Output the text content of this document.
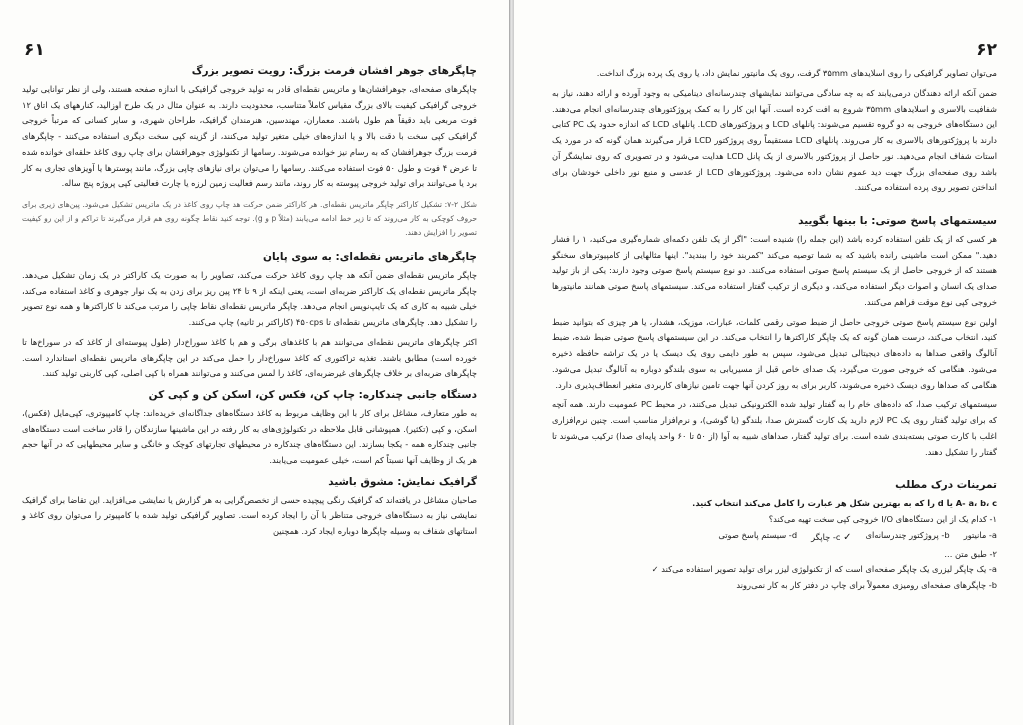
۶۱
چاپگرهای جوهر افشان فرمت بزرگ: رویت تصویر بزرگ

چاپگرهای صفحه‌ای، جوهرافشان‌ها و ماتریس نقطه‌ای قادر به تولید خروجی گرافیکی با اندازه صفحه هستند، ولی از نظر توانایی تولید خروجی گرافیکی کیفیت بالای بزرگ مقیاس کاملاً متناسب، محدودیت دارند. به عنوان مثال در یک طرح اوزالید، کنارههای یک اتاق ۱۲ فوت مربعی باید دقیقاً هم طول باشند. معماران، مهندسین، هنرمندان گرافیک، طراحان شهری، و سایر کسانی که مرتباً خروجی گرافیکی کپی سخت با دقت بالا و یا اندازه‌های خیلی متغیر تولید می‌کنند، از گزینه کپی سخت دیگری استفاده می‌کنند - چاپگرهای فرمت بزرگ جوهرافشان که به رسام نیز خوانده می‌شوند. رسامها از تکنولوژی جوهرافشان برای چاپ روی کاغذ حلقه‌ای خوانده شده تا عرض ۴ فوت و طول ۵۰ فوت استفاده می‌کنند. رسامها را می‌توان برای نیازهای چاپی بزرگ، مانند پوسترها یا آویزهای تجاری به کار برد یا می‌توانند برای تولید خروجی پیوسته به کار روند، مانند رسم فعالیت زمین لرزه یا چارت فعالیتی کپی پروژه پنج ساله.

شکل ۲-۷: تشکیل کاراکتر چاپگر ماتریس نقطه‌ای. هر کاراکتر ضمن حرکت هد چاپ روی کاغذ در یک ماتریس تشکیل می‌شود. پین‌های زیری برای حروف کوچکی به کار می‌روند که تا زیر خط ادامه می‌یابند (مثلاً p و g). توجه کنید نقاط چگونه روی هم قرار می‌گیرند تا تراکم و از این رو کیفیت تصویر را افزایش دهند.

چاپگرهای ماتریس نقطه‌ای: به سوی پایان

چاپگر ماتریس نقطه‌ای ضمن آنکه هد چاپ روی کاغذ حرکت می‌کند، تصاویر را به صورت یک کاراکتر در یک زمان تشکیل می‌دهد. چاپگر ماتریس نقطه‌ای یک کاراکتر ضربه‌ای است، یعنی اینکه از ۹ تا ۲۴ پین ریز برای زدن به یک نوار جوهری و کاغذ استفاده می‌کند، خیلی شبیه به کاری که یک تایپ‌نویس انجام می‌دهد. چاپگر ماتریس نقطه‌ای نقاط چاپی را مرتب می‌کند تا کاراکترها و همه نوع تصویر را تشکیل دهد. چاپگرهای ماتریس نقطه‌ای تا ۴۵۰cps (کاراکتر بر ثانیه) چاپ می‌کنند.

اکثر چاپگرهای ماتریس نقطه‌ای می‌توانند هم با کاغذهای برگی و هم با کاغذ سوراخ‌دار (طول پیوسته‌ای از کاغذ که در سوراخ‌ها تا خورده است) مطابق باشند. تغذیه تراکتوری که کاغذ سوراخ‌دار را حمل می‌کند در این چاپگرهای ماتریس نقطه‌ای استاندارد است. چاپگرهای ضربه‌ای بر خلاف چاپگرهای غیرضربه‌ای، کاغذ را لمس می‌کنند و می‌توانند همراه با کپی اصلی، کپی کاربنی تولید کنند.

دستگاه جانبی چندکاره: چاپ کن، فکس کن، اسکن کن و کپی کن

به طور متعارف، مشاغل برای کار با این وظایف مربوط به کاغذ دستگاه‌های جداگانه‌ای خریده‌اند: چاپ کامپیوتری، کپی‌مایل (فکس)، اسکن، و کپی (تکثیر). همپوشانی قابل ملاحظه در تکنولوژی‌های به کار رفته در این ماشینها سازندگان را قادر ساخت است دستگاه‌های جانبی چندکاره همه - یکجا بسازند. این دستگاه‌های چندکاره در محیطهای تجارتهای کوچک و خانگی و سایر محیطهایی که در آنها حجم هر یک از وظایف آنها نسبتاً کم است، خیلی عمومیت می‌یابند.

گرافیک نمایش: مشوق باشید

صاحبان مشاغل در یافته‌اند که گرافیک رنگی پیچیده حسی از تخصص‌گرایی به هر گزارش یا نمایشی می‌افزاید. این تقاضا برای گرافیک نمایشی نیاز به دستگاه‌های خروجی متناظر با آن را ایجاد کرده است. تصاویر گرافیکی تولید شده با کامپیوتر را می‌توان روی کاغذ و استاتهای شفاف به وسیله چاپگرها دوباره ایجاد کرد. همچنین

۶۲

می‌توان تصاویر گرافیکی را روی اسلایدهای ۳۵mm گرفت، روی یک مانیتور نمایش داد، یا روی یک پرده بزرگ انداخت.

ضمن آنکه ارائه دهندگان درمی‌یابند که به چه سادگی می‌توانند نمایشهای چندرسانه‌ای دینامیکی به وجود آورده و ارائه دهند، نیاز به شفافیت بالاسری و اسلایدهای ۳۵mm شروع به افت کرده است. آنها این کار را به کمک پروژکتورهای چندرسانه‌ای انجام می‌دهند. این دستگاه‌های خروجی به دو گروه تقسیم می‌شوند: پانلهای LCD و پروژکتورهای LCD. پانلهای LCD که اندازه حدود یک PC کتابی دارند با پروژکتورهای بالاسری به کار می‌روند. پانلهای LCD مستقیماً روی پروژکتور LCD قرار می‌گیرند همان گونه که در مورد یک استات شفاف انجام می‌دهید. نور حاصل از پروژکتور بالاسری از یک پانل LCD هدایت می‌شود و در تصویری که روی نمایشگر آن باشد روی صفحه‌ای بزرگ جهت دید عموم نشان داده می‌شود. پروژکتورهای LCD از عدسی و منبع نور داخلی خودشان برای انداختن تصویر روی پرده استفاده می‌کنند.

سیستمهای پاسخ صوتی: با بینها بگویید

هر کسی که از یک تلفن استفاده کرده باشد (این جمله را) شنیده است: "اگر از یک تلفن دکمه‌ای شماره‌گیری می‌کنید، ۱ را فشار دهید." ممکن است ماشینی رانده باشید که به شما توصیه می‌کند "کمربند خود را ببندید". اینها مثالهایی از کامپیوترهای سخنگو هستند که از خروجی حاصل از یک سیستم پاسخ صوتی استفاده می‌کنند. دو نوع سیستم پاسخ صوتی وجود دارند: یکی از باز تولید صدای یک انسان و اصوات دیگر استفاده می‌کند، و دیگری از ترکیب گفتار استفاده می‌کند. سیستمهای پاسخ صوتی همانند مانیتورها خروجی کپی نوع موقت فراهم می‌کنند.

اولین نوع سیستم پاسخ صوتی خروجی حاصل از ضبط صوتی رقمی کلمات، عبارات، موزیک، هشدار، یا هر چیزی که بتوانید ضبط کنید، انتخاب می‌کند، درست همان گونه که یک چاپگر کاراکترها را انتخاب می‌کند. در این سیستمهای پاسخ صوتی ضبط شده، ضبط آنالوگ واقعی صداها به داده‌های دیجیتالی تبدیل می‌شود، سپس به طور دایمی روی یک دیسک یا در یک تراشه حافظه ذخیره می‌شود. هنگامی که خروجی صورت می‌گیرد، یک صدای خاص قبل از مسیریابی به سوی بلندگو دوباره به آنالوگ تبدیل می‌شود. هنگامی که صداها روی دیسک ذخیره می‌شوند، کاربر برای به روز کردن آنها جهت تامین نیازهای کاربردی متغیر انعطاف‌پذیری دارد.

سیستمهای ترکیب صدا، که داده‌های خام را به گفتار تولید شده الکترونیکی تبدیل می‌کنند، در محیط PC عمومیت دارند. همه آنچه که برای تولید گفتار روی یک PC لازم دارید یک کارت گسترش صدا، بلندگو (یا گوشی)، و نرم‌افزار مناسب است. چنین نرم‌افزاری اغلب با کارت صوتی بسته‌بندی شده است. برای تولید گفتار، صداهای شبیه به آوا (از ۵۰ تا ۶۰ واحد پایه‌ای صدا) ترکیب می‌شوند تا گفتار را تشکیل دهند.

تمرینات درک مطلب

A- a، b، c یا d را که به بهترین شکل هر عبارت را کامل می‌کند انتخاب کنید.

۱- کدام یک از این دستگاه‌های I/O خروجی کپی سخت تهیه می‌کند؟

a- مانیتور
b- پروژکتور چندرسانه‌ای
✓ c- چاپگر
d- سیستم پاسخ صوتی

۲- طبق متن ...

a- یک چاپگر لیزری یک چاپگر صفحه‌ای است که از تکنولوژی لیزر برای تولید تصویر استفاده می‌کند ✓

b- چاپگرهای صفحه‌ای رومیزی معمولاً برای چاپ در دفتر کار به کار نمی‌روند
